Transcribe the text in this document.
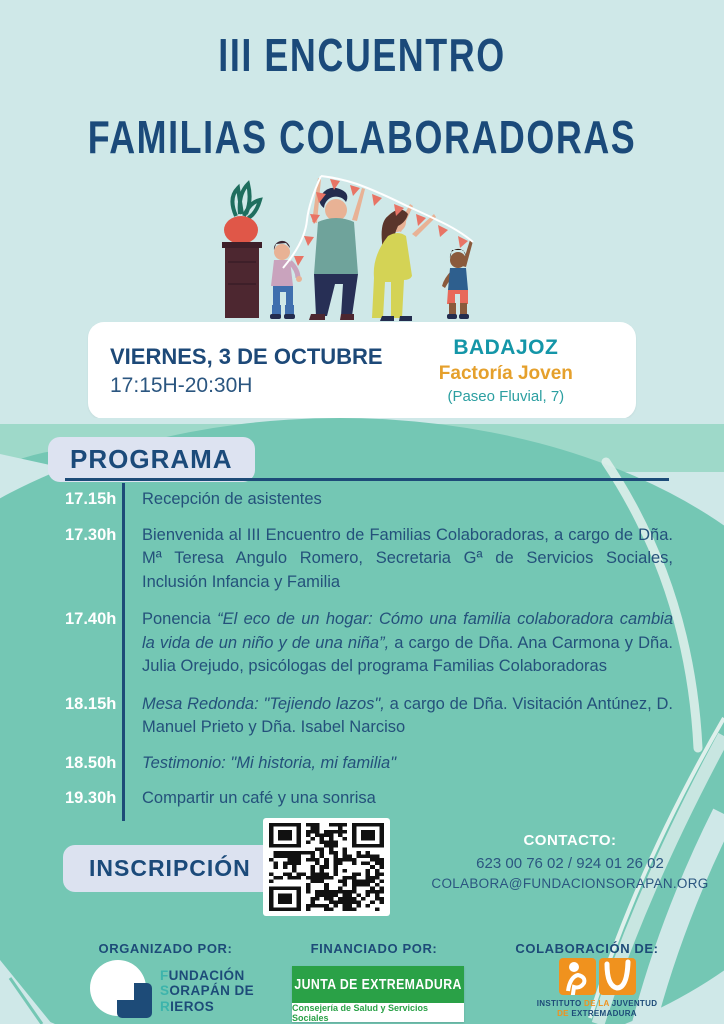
III ENCUENTRO
FAMILIAS COLABORADORAS
VIERNES, 3 DE OCTUBRE
17:15H-20:30H
BADAJOZ
Factoría Joven
(Paseo Fluvial, 7)
PROGRAMA
17.15h	Recepción de asistentes
17.30h	Bienvenida al III Encuentro de Familias Colaboradoras, a cargo de Dña. Mª Teresa Angulo Romero, Secretaria Gª de Servicios Sociales, Inclusión Infancia y Familia
17.40h	Ponencia “El eco de un hogar: Cómo una familia colaboradora cambia la vida de un niño y de una niña”, a cargo de Dña. Ana Carmona y Dña. Julia Orejudo, psicólogas del programa Familias Colaboradoras
18.15h	Mesa Redonda: "Tejiendo lazos", a cargo de Dña. Visitación Antúnez, D. Manuel Prieto y Dña. Isabel Narciso
18.50h	Testimonio: "Mi historia, mi familia"
19.30h	Compartir un café y una sonrisa
INSCRIPCIÓN
CONTACTO:
623 00 76 02 / 924 01 26 02
COLABORA@FUNDACIONSORAPAN.ORG
ORGANIZADO POR:	FINANCIADO POR:	COLABORACIÓN DE:
FUNDACIÓN
SORAPÁN DE
RIEROS
JUNTA DE EXTREMADURA
Consejería de Salud y Servicios Sociales
INSTITUTO DE LA JUVENTUD
DE EXTREMADURA
